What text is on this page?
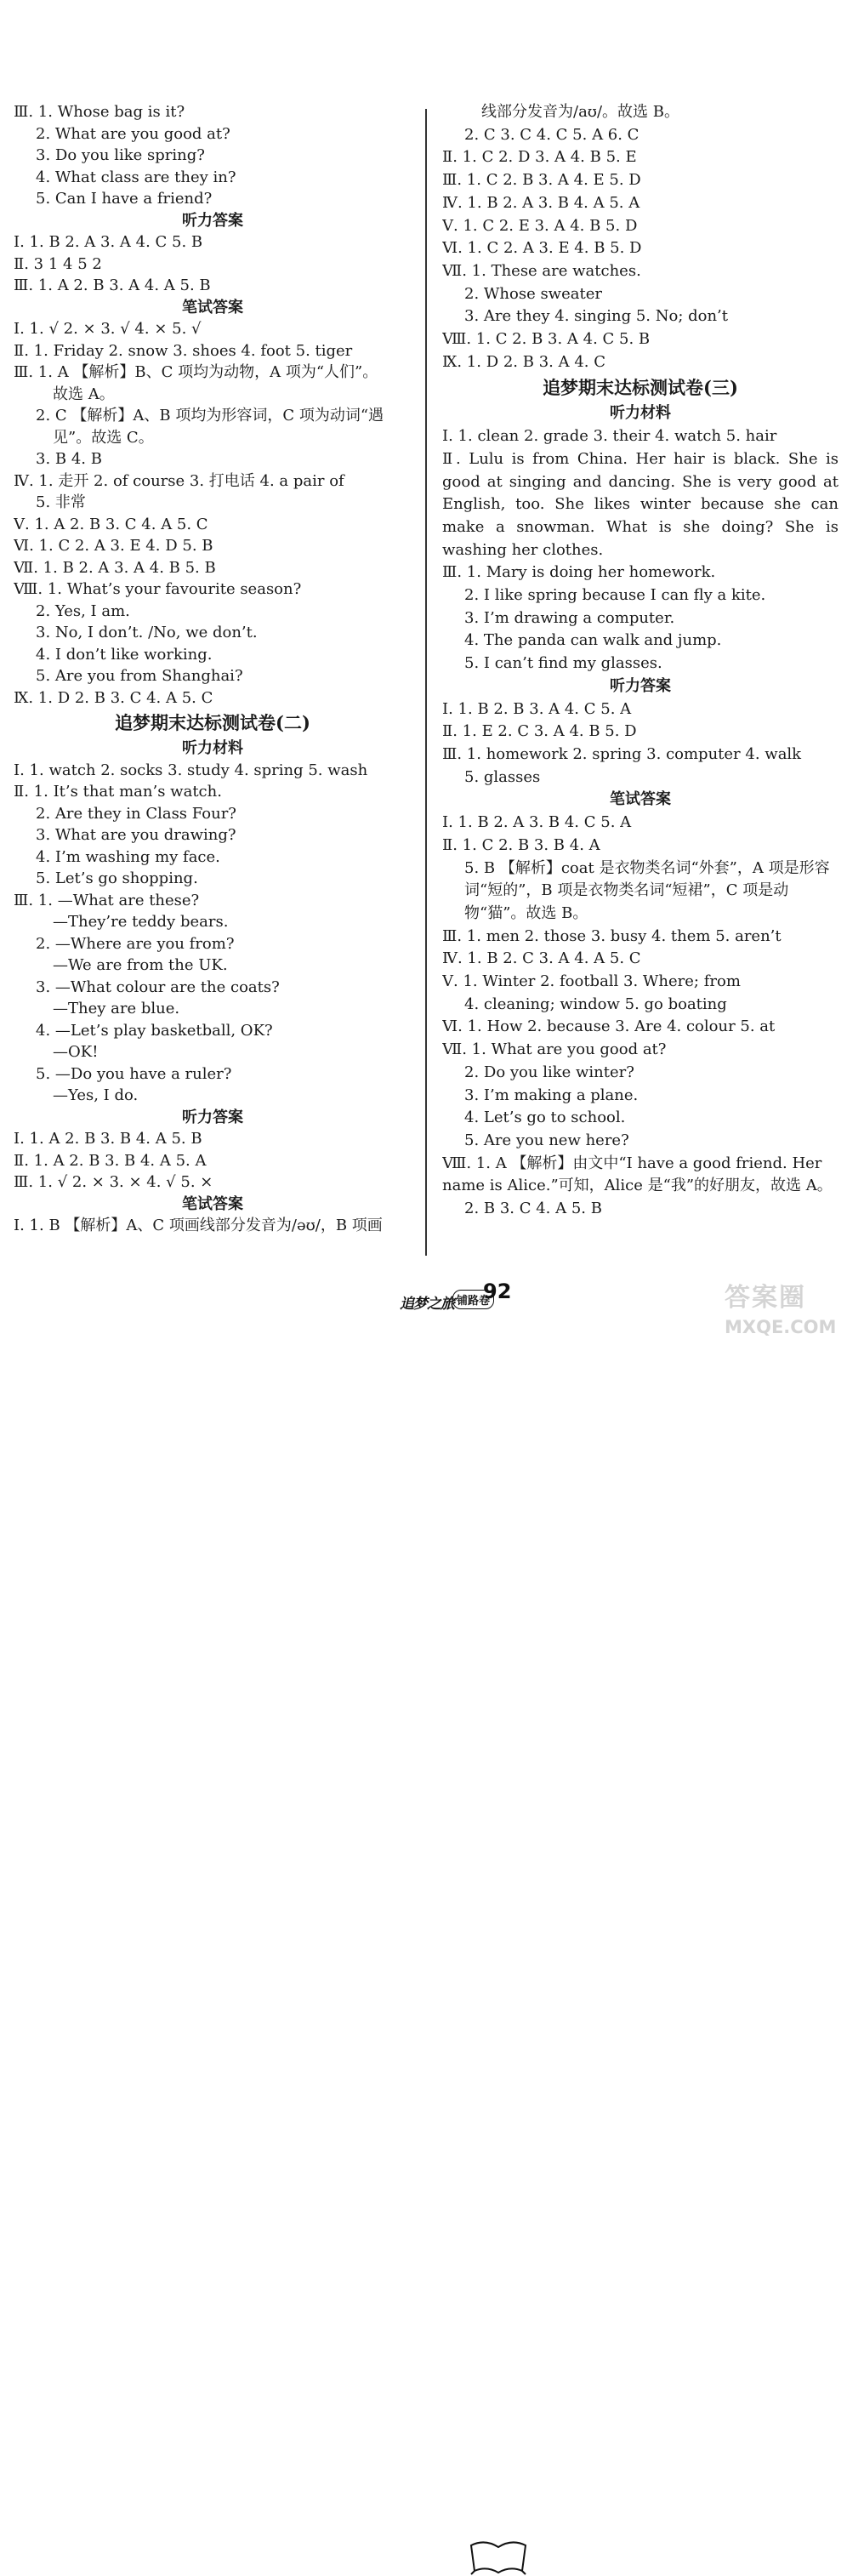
Ⅲ. 1. Whose bag is it?
2. What are you good at?
3. Do you like spring?
4. What class are they in?
5. Can I have a friend?
听力答案
Ⅰ. 1. B 2. A 3. A 4. C 5. B
Ⅱ. 3 1 4 5 2
Ⅲ. 1. A 2. B 3. A 4. A 5. B
笔试答案
Ⅰ. 1. √ 2. × 3. √ 4. × 5. √
Ⅱ. 1. Friday 2. snow 3. shoes 4. foot 5. tiger
Ⅲ. 1. A 【解析】B、C 项均为动物，A 项为“人们”。
故选 A。
2. C 【解析】A、B 项均为形容词，C 项为动词“遇
见”。故选 C。
3. B 4. B
Ⅳ. 1. 走开 2. of course 3. 打电话 4. a pair of
5. 非常
Ⅴ. 1. A 2. B 3. C 4. A 5. C
Ⅵ. 1. C 2. A 3. E 4. D 5. B
Ⅶ. 1. B 2. A 3. A 4. B 5. B
Ⅷ. 1. What’s your favourite season?
2. Yes, I am.
3. No, I don’t. /No, we don’t.
4. I don’t like working.
5. Are you from Shanghai?
Ⅸ. 1. D 2. B 3. C 4. A 5. C
追梦期末达标测试卷(二)
听力材料
Ⅰ. 1. watch 2. socks 3. study 4. spring 5. wash
Ⅱ. 1. It’s that man’s watch.
2. Are they in Class Four?
3. What are you drawing?
4. I’m washing my face.
5. Let’s go shopping.
Ⅲ. 1. —What are these?
—They’re teddy bears.
2. —Where are you from?
—We are from the UK.
3. —What colour are the coats?
—They are blue.
4. —Let’s play basketball, OK?
—OK!
5. —Do you have a ruler?
—Yes, I do.
听力答案
Ⅰ. 1. A 2. B 3. B 4. A 5. B
Ⅱ. 1. A 2. B 3. B 4. A 5. A
Ⅲ. 1. √ 2. × 3. × 4. √ 5. ×
笔试答案
Ⅰ. 1. B 【解析】A、C 项画线部分发音为/əʊ/，B 项画
线部分发音为/aʊ/。故选 B。
2. C 3. C 4. C 5. A 6. C
Ⅱ. 1. C 2. D 3. A 4. B 5. E
Ⅲ. 1. C 2. B 3. A 4. E 5. D
Ⅳ. 1. B 2. A 3. B 4. A 5. A
Ⅴ. 1. C 2. E 3. A 4. B 5. D
Ⅵ. 1. C 2. A 3. E 4. B 5. D
Ⅶ. 1. These are watches.
2. Whose sweater
3. Are they 4. singing 5. No; don’t
Ⅷ. 1. C 2. B 3. A 4. C 5. B
Ⅸ. 1. D 2. B 3. A 4. C
追梦期末达标测试卷(三)
听力材料
Ⅰ. 1. clean 2. grade 3. their 4. watch 5. hair
Ⅱ. Lulu is from China. Her hair is black. She is good at singing and dancing. She is very good at English, too. She likes winter because she can make a snowman. What is she doing? She is washing her clothes.
Ⅲ. 1. Mary is doing her homework.
2. I like spring because I can fly a kite.
3. I’m drawing a computer.
4. The panda can walk and jump.
5. I can’t find my glasses.
听力答案
Ⅰ. 1. B 2. B 3. A 4. C 5. A
Ⅱ. 1. E 2. C 3. A 4. B 5. D
Ⅲ. 1. homework 2. spring 3. computer 4. walk
5. glasses
笔试答案
Ⅰ. 1. B 2. A 3. B 4. C 5. A
Ⅱ. 1. C 2. B 3. B 4. A
5. B 【解析】coat 是衣物类名词“外套”，A 项是形容词“短的”，B 项是衣物类名词“短裙”，C 项是动物“猫”。故选 B。
Ⅲ. 1. men 2. those 3. busy 4. them 5. aren’t
Ⅳ. 1. B 2. C 3. A 4. A 5. C
Ⅴ. 1. Winter 2. football 3. Where; from
4. cleaning; window 5. go boating
Ⅵ. 1. How 2. because 3. Are 4. colour 5. at
Ⅶ. 1. What are you good at?
2. Do you like winter?
3. I’m making a plane.
4. Let’s go to school.
5. Are you new here?
Ⅷ. 1. A 【解析】由文中“I have a good friend. Her name is Alice.”可知，Alice 是“我”的好朋友，故选 A。
2. B 3. C 4. A 5. B
追梦之旅 铺路卷
92	答案圈
MXQE.COM
